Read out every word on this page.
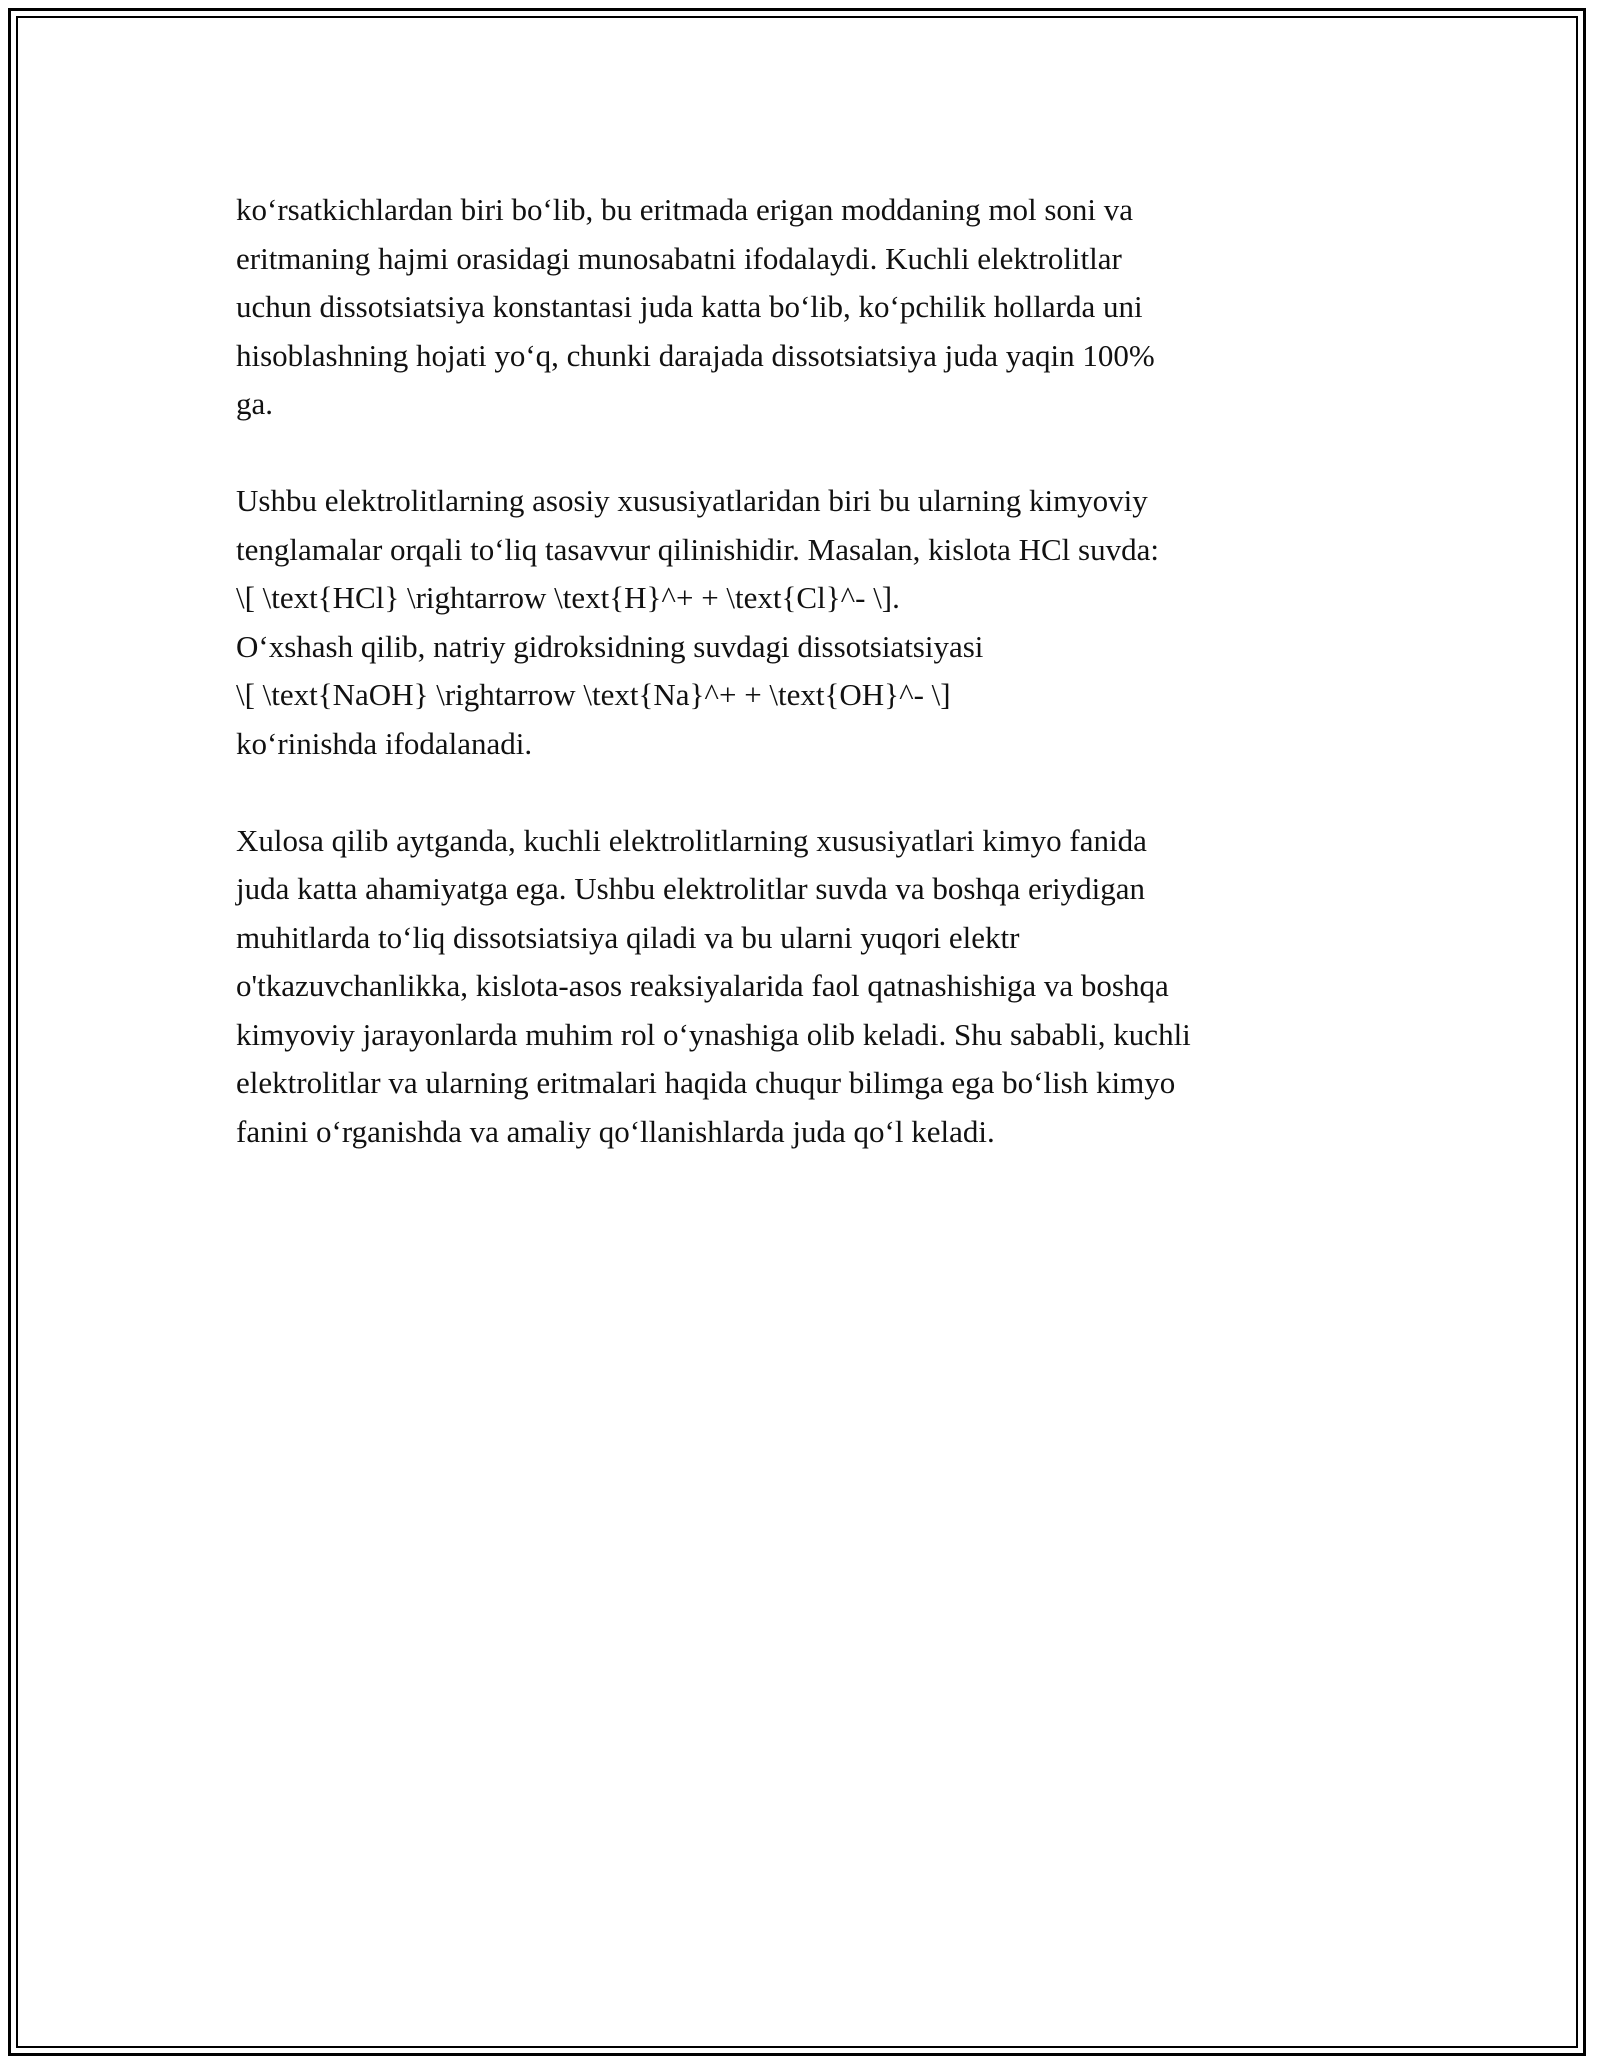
ko‘rsatkichlardan biri bo‘lib, bu eritmada erigan moddaning mol soni va
eritmaning hajmi orasidagi munosabatni ifodalaydi. Kuchli elektrolitlar
uchun dissotsiatsiya konstantasi juda katta bo‘lib, ko‘pchilik hollarda uni
hisoblashning hojati yo‘q, chunki darajada dissotsiatsiya juda yaqin 100%
ga.

Ushbu elektrolitlarning asosiy xususiyatlaridan biri bu ularning kimyoviy
tenglamalar orqali to‘liq tasavvur qilinishidir. Masalan, kislota HCl suvda:
\[ \text{HCl} \rightarrow \text{H}^+ + \text{Cl}^- \].
O‘xshash qilib, natriy gidroksidning suvdagi dissotsiatsiyasi
\[ \text{NaOH} \rightarrow \text{Na}^+ + \text{OH}^- \]
ko‘rinishda ifodalanadi.

Xulosa qilib aytganda, kuchli elektrolitlarning xususiyatlari kimyo fanida
juda katta ahamiyatga ega. Ushbu elektrolitlar suvda va boshqa eriydigan
muhitlarda to‘liq dissotsiatsiya qiladi va bu ularni yuqori elektr
o'tkazuvchanlikka, kislota-asos reaksiyalarida faol qatnashishiga va boshqa
kimyoviy jarayonlarda muhim rol o‘ynashiga olib keladi. Shu sababli, kuchli
elektrolitlar va ularning eritmalari haqida chuqur bilimga ega bo‘lish kimyo
fanini o‘rganishda va amaliy qo‘llanishlarda juda qo‘l keladi.
